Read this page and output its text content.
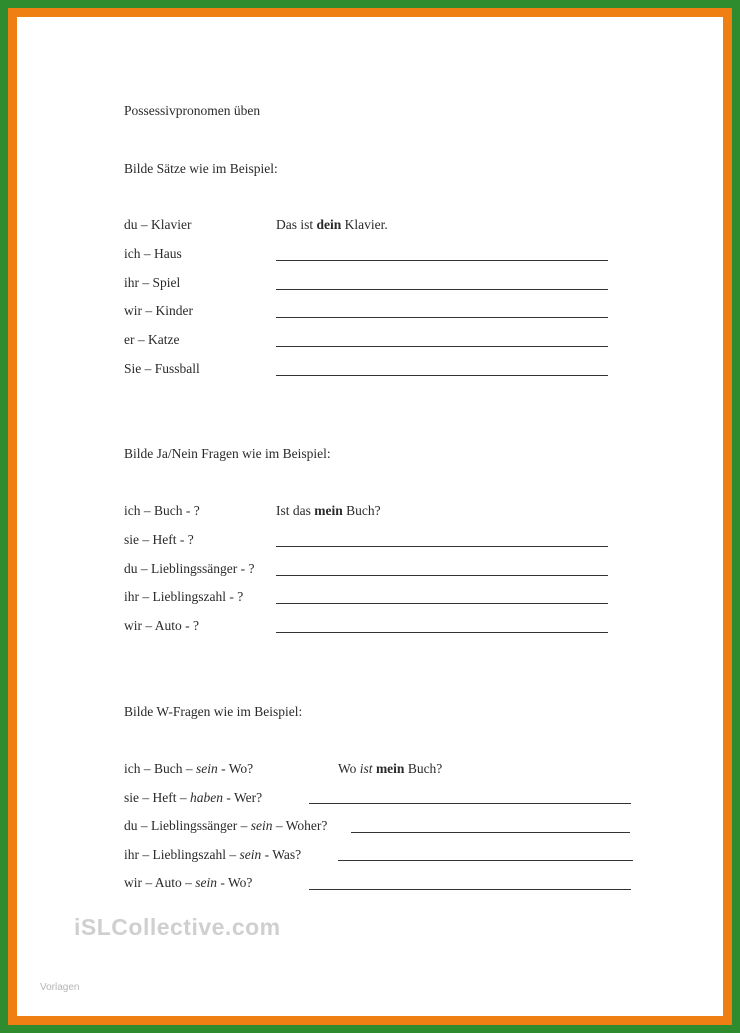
Possessivpronomen üben
Bilde Sätze wie im Beispiel:
du – Klavier	Das ist dein Klavier.
ich – Haus
ihr – Spiel
wir – Kinder
er – Katze
Sie – Fussball
Bilde Ja/Nein Fragen wie im Beispiel:
ich – Buch - ?	Ist das mein Buch?
sie – Heft - ?
du – Lieblingssänger - ?
ihr – Lieblingszahl - ?
wir – Auto - ?
Bilde W-Fragen wie im Beispiel:
ich – Buch – sein - Wo?	Wo ist mein Buch?
sie – Heft – haben - Wer?
du – Lieblingssänger – sein – Woher?
ihr – Lieblingszahl – sein - Was?
wir – Auto – sein - Wo?
iSLCollective.com
Vorlagen
